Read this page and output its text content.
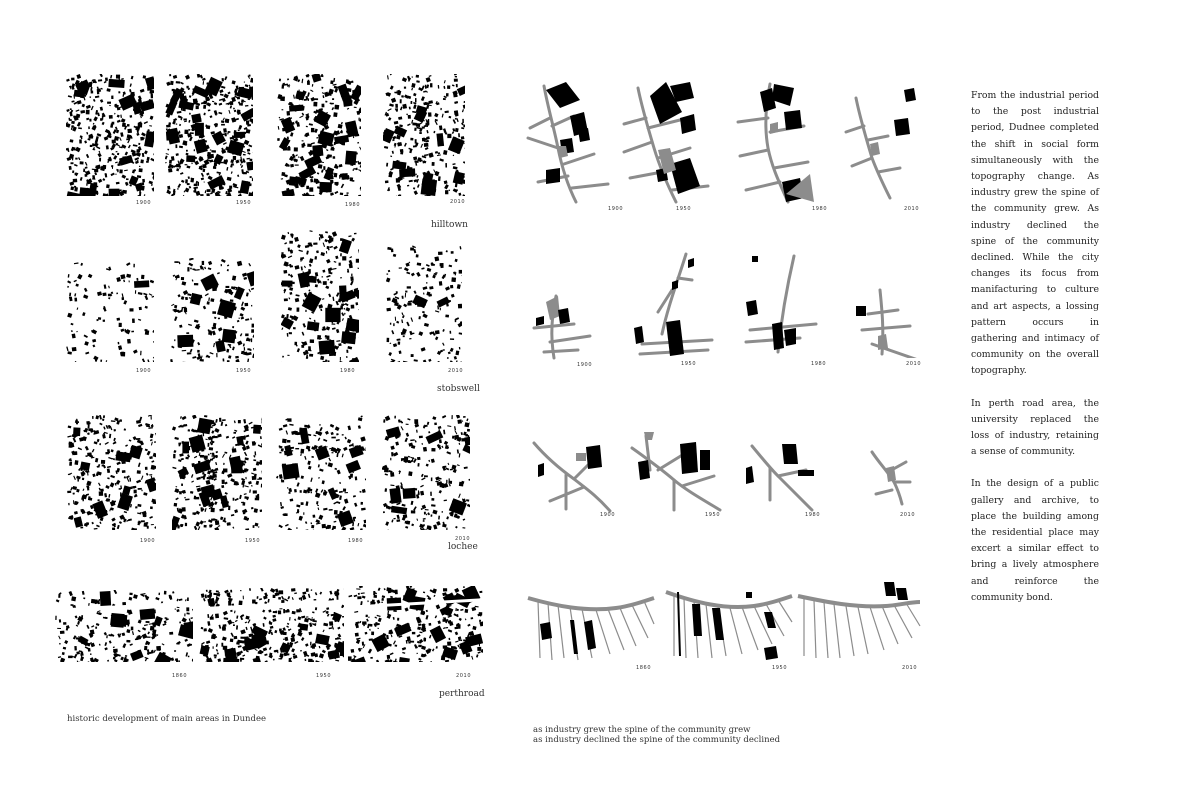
1900	1950	1980	2010
hilltown
1900	1950	1980	2010
stobswell
1900	1950	1980	2010
lochee
1860	1950	2010
perthroad
historic development of main areas in Dundee
1900	1950	1980	2010
1900	1950	1980	2010
1900	1950	1980	2010
1860	1950	2010
as industry grew the spine of the community grew
as industry declined the spine of the community declined

From the industrial period to the post industrial period, Dudnee completed the shift in social form simultaneously with the topography change. As industry grew the spine of the community grew. As industry declined the spine of the community declined. While the city changes its focus from manifacturing to culture and art aspects, a lossing pattern occurs in gathering and intimacy of community on the overall topography.

In perth road area, the university replaced the loss of industry, retaining a sense of community.

In the design of a public gallery and archive, to place the building among the residential place may excert a similar effect to bring a lively atmosphere and reinforce the community bond.
